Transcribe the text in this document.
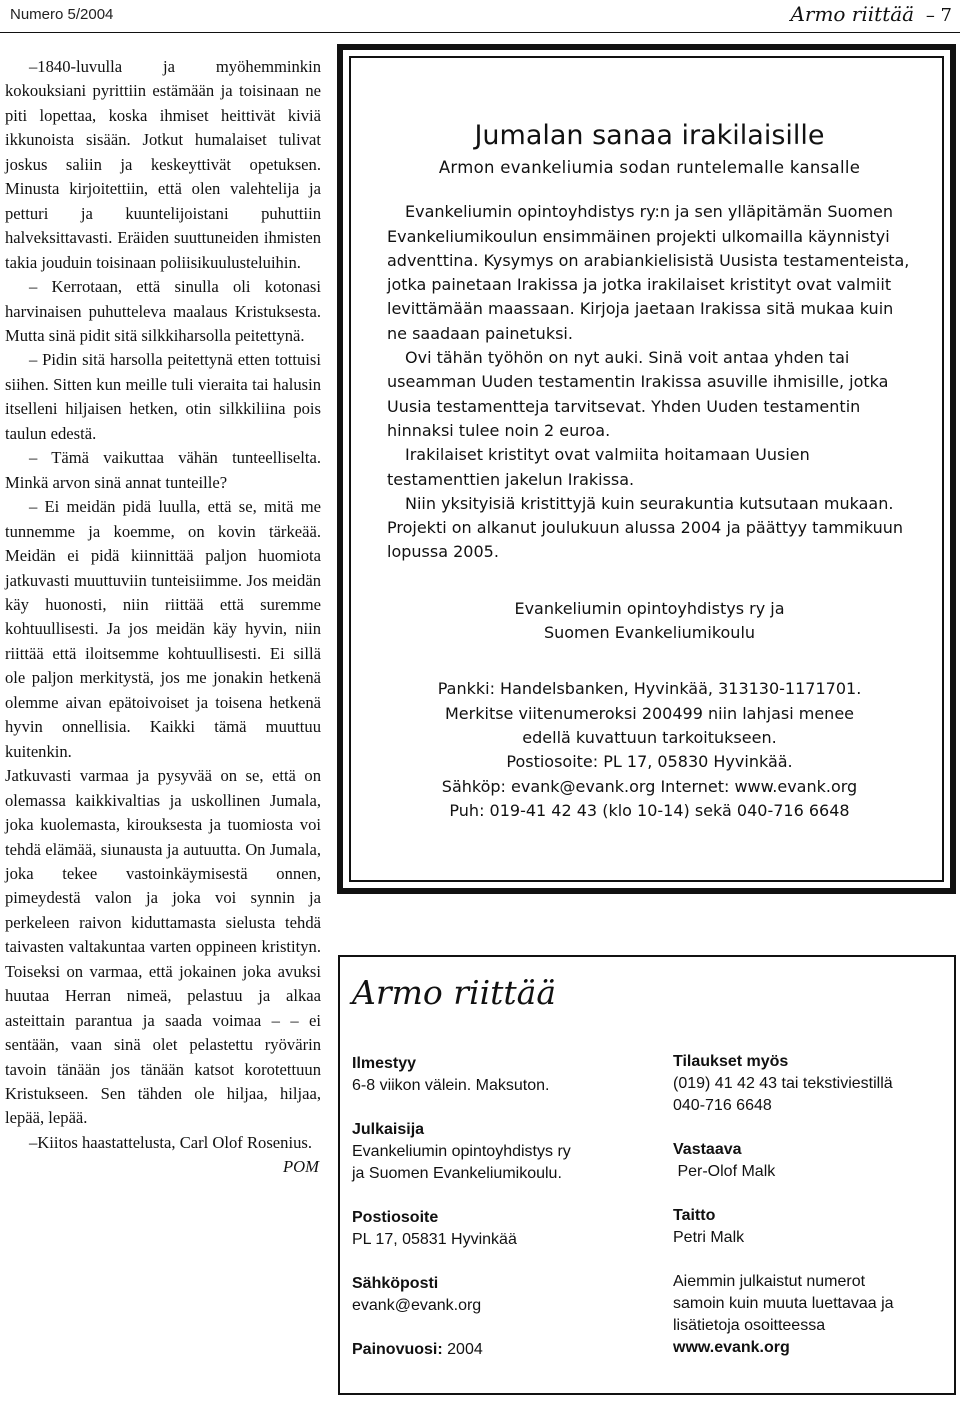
Numero 5/2004	Armo riittää – 7

–1840-luvulla ja myöhemminkin kokouksiani pyrittiin estämään ja toisinaan ne piti lopettaa, koska ihmiset heittivät kiviä ikkunoista sisään. Jotkut humalaiset tulivat joskus saliin ja keskeyttivät opetuksen. Minusta kirjoitettiin, että olen valehtelija ja petturi ja kuuntelijoistani puhuttiin halveksittavasti. Eräiden suuttuneiden ihmisten takia jouduin toisinaan poliisikuulusteluihin.

– Kerrotaan, että sinulla oli kotonasi harvinaisen puhutteleva maalaus Kristuksesta. Mutta sinä pidit sitä silkkiharsolla peitettynä.

– Pidin sitä harsolla peitettynä etten tottuisi siihen. Sitten kun meille tuli vieraita tai halusin itselleni hiljaisen hetken, otin silkkiliina pois taulun edestä.

– Tämä vaikuttaa vähän tunteelliselta. Minkä arvon sinä annat tunteille?

– Ei meidän pidä luulla, että se, mitä me tunnemme ja koemme, on kovin tärkeää. Meidän ei pidä kiinnittää paljon huomiota jatkuvasti muuttuviin tunteisiimme. Jos meidän käy huonosti, niin riittää että suremme kohtuullisesti. Ja jos meidän käy hyvin, niin riittää että iloitsemme kohtuullisesti. Ei sillä ole paljon merkitystä, jos me jonakin hetkenä olemme aivan epätoivoiset ja toisena hetkenä hyvin onnellisia. Kaikki tämä muuttuu kuitenkin.

Jatkuvasti varmaa ja pysyvää on se, että on olemassa kaikkivaltias ja uskollinen Jumala, joka kuolemasta, kirouksesta ja tuomiosta voi tehdä elämää, siunausta ja autuutta. On Jumala, joka tekee vastoinkäymisestä onnen, pimeydestä valon ja joka voi synnin ja perkeleen raivon kiduttamasta sielusta tehdä taivasten valtakuntaa varten oppineen kristityn. Toiseksi on varmaa, että jokainen joka avuksi huutaa Herran nimeä, pelastuu ja alkaa asteittain parantua ja saada voimaa – – ei sentään, vaan sinä olet pelastettu ryövärin tavoin tänään jos tänään katsot korotettuun Kristukseen. Sen tähden ole hiljaa, hiljaa, lepää, lepää.

–Kiitos haastattelusta, Carl Olof Rosenius.

POM
Jumalan sanaa irakilaisille
Armon evankeliumia sodan runtelemalle kansalle

Evankeliumin opintoyhdistys ry:n ja sen ylläpitämän Suomen Evankeliumikoulun ensimmäinen projekti ulkomailla käynnistyi adventtina. Kysymys on arabiankielisistä Uusista testamenteista, jotka painetaan Irakissa ja jotka irakilaiset kristityt ovat valmiit levittämään maassaan. Kirjoja jaetaan Irakissa sitä mukaa kuin ne saadaan painetuksi.

Ovi tähän työhön on nyt auki. Sinä voit antaa yhden tai useamman Uuden testamentin Irakissa asuville ihmisille, jotka Uusia testamentteja tarvitsevat. Yhden Uuden testamentin hinnaksi tulee noin 2 euroa.

Irakilaiset kristityt ovat valmiita hoitamaan Uusien testamenttien jakelun Irakissa.

Niin yksityisiä kristittyjä kuin seurakuntia kutsutaan mukaan. Projekti on alkanut joulukuun alussa 2004 ja päättyy tammikuun lopussa 2005.

Evankeliumin opintoyhdistys ry ja
Suomen Evankeliumikoulu
Pankki: Handelsbanken, Hyvinkää, 313130-1171701.
Merkitse viitenumeroksi 200499 niin lahjasi menee
edellä kuvattuun tarkoitukseen.
Postiosoite: PL 17, 05830 Hyvinkää.
Sähköp: evank@evank.org Internet: www.evank.org
Puh: 019-41 42 43 (klo 10-14) sekä 040-716 6648
Armo riittää
Ilmestyy
6-8 viikon välein. Maksuton.
Julkaisija
Evankeliumin opintoyhdistys ry
ja Suomen Evankeliumikoulu.
Postiosoite
PL 17, 05831 Hyvinkää
Sähköposti
evank@evank.org
Painovuosi: 2004
Tilaukset myös
(019) 41 42 43 tai tekstiviestillä
040-716 6648
Vastaava
Per-Olof Malk
Taitto
Petri Malk
Aiemmin julkaistut numerot
samoin kuin muuta luettavaa ja
lisätietoja osoitteessa
www.evank.org
